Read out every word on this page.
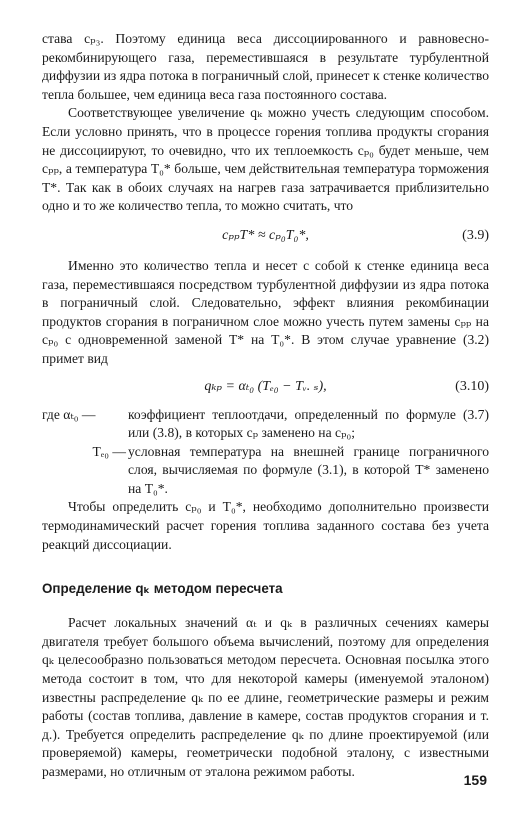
става cₚ₃. Поэтому единица веса диссоциированного и равновесно-рекомбинирующего газа, переместившаяся в результате турбулентной диффузии из ядра потока в пограничный слой, принесет к стенке количество тепла большее, чем единица веса газа постоянного состава.

Соответствующее увеличение qₖ можно учесть следующим способом. Если условно принять, что в процессе горения топлива продукты сгорания не диссоциируют, то очевидно, что их теплоемкость cₚ₀ будет меньше, чем cₚₚ, а температура T₀* больше, чем действительная температура торможения T*. Так как в обоих случаях на нагрев газа затрачивается приблизительно одно и то же количество тепла, то можно считать, что

cₚₚT* ≈ cₚ₀T₀*,	(3.9)

Именно это количество тепла и несет с собой к стенке единица веса газа, переместившаяся посредством турбулентной диффузии из ядра потока в пограничный слой. Следовательно, эффект влияния рекомбинации продуктов сгорания в пограничном слое можно учесть путем замены cₚₚ на cₚ₀ с одновременной заменой T* на T₀*. В этом случае уравнение (3.2) примет вид

qₖₚ = αₜ₀ (Tₑ₀ − Tᵥ. ₛ),	(3.10)
где αₜ₀ —	коэффициент теплоотдачи, определенный по формуле (3.7) или (3.8), в которых cₚ заменено на cₚ₀;
Tₑ₀ — условная температура на внешней границе пограничного слоя, вычисляемая по формуле (3.1), в которой T* заменено на T₀*.

Чтобы определить cₚ₀ и T₀*, необходимо дополнительно произвести термодинамический расчет горения топлива заданного состава без учета реакций диссоциации.

Определение qₖ методом пересчета

Расчет локальных значений αₜ и qₖ в различных сечениях камеры двигателя требует большого объема вычислений, поэтому для определения qₖ целесообразно пользоваться методом пересчета. Основная посылка этого метода состоит в том, что для некоторой камеры (именуемой эталоном) известны распределение qₖ по ее длине, геометрические размеры и режим работы (состав топлива, давление в камере, состав продуктов сгорания и т. д.). Требуется определить распределение qₖ по длине проектируемой (или проверяемой) камеры, геометрически подобной эталону, с известными размерами, но отличным от эталона режимом работы.

159
